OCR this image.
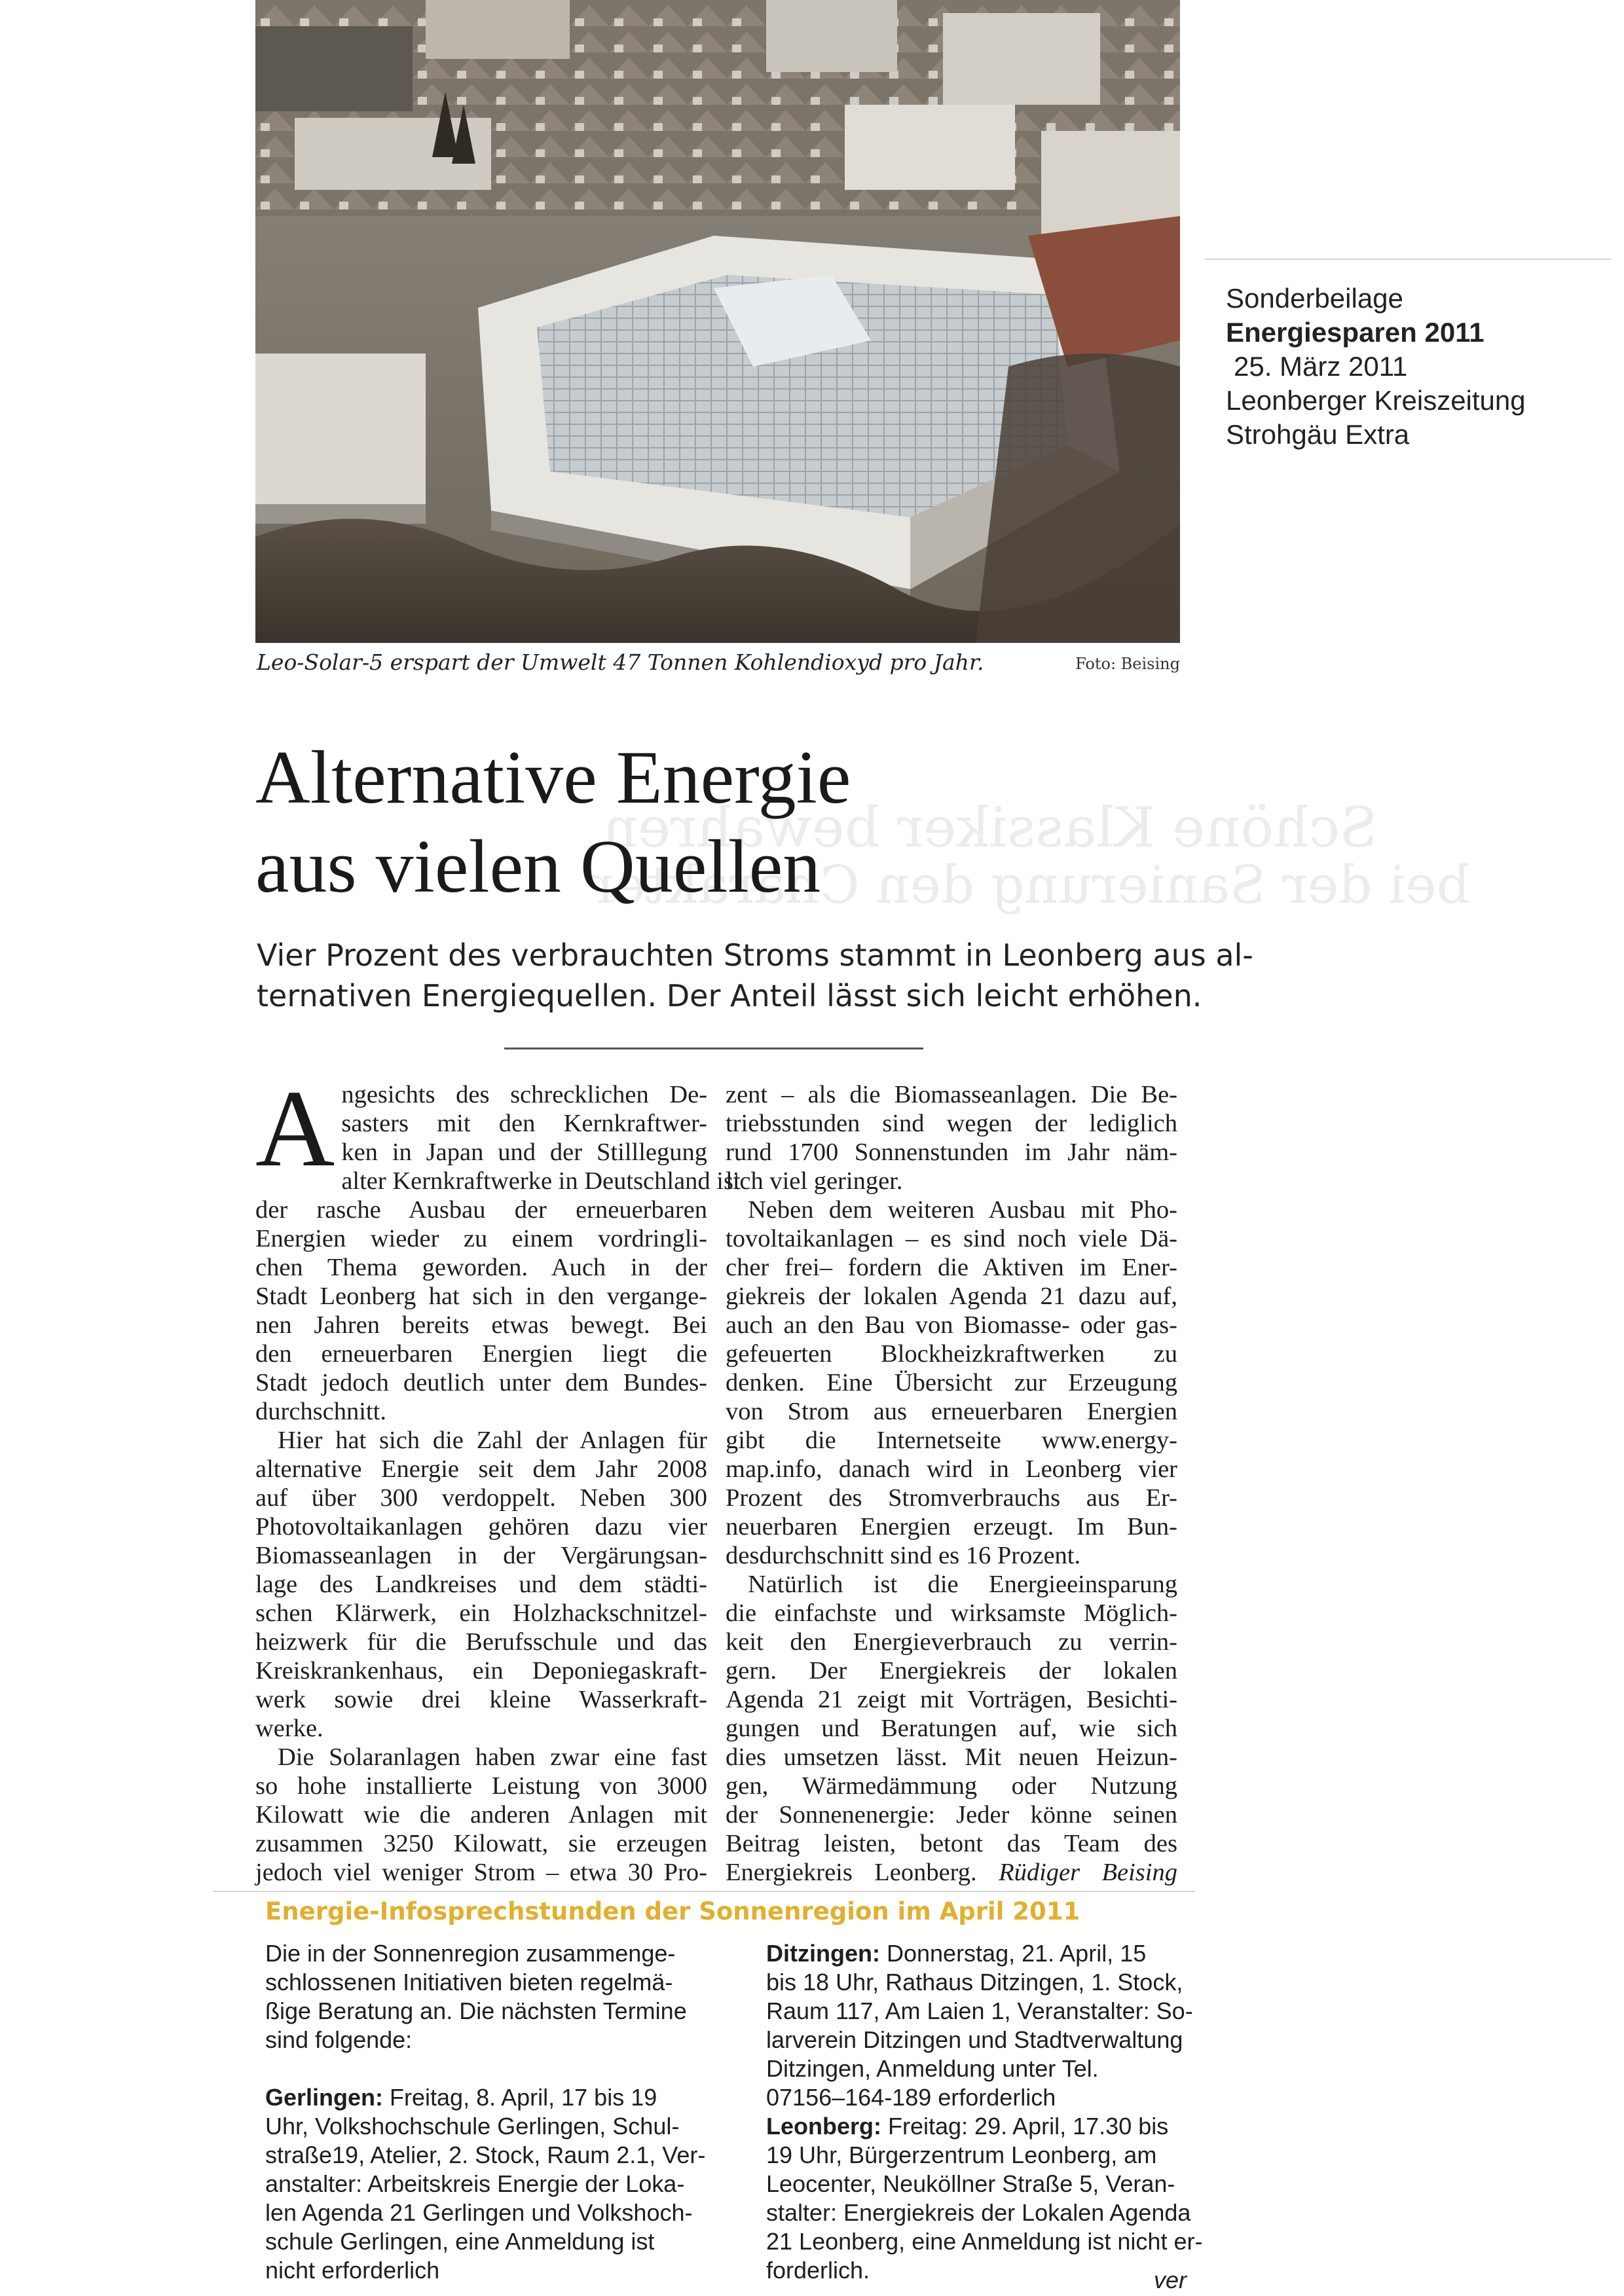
Leo-Solar-5 erspart der Umwelt 47 Tonnen Kohlendioxyd pro Jahr.	Foto: Beising
Sonderbeilage
Energiesparen 2011
25. März 2011
Leonberger Kreiszeitung
Strohgäu Extra
Schöne Klassiker bewahren
bei der Sanierung den Charakter
Alternative Energie
aus vielen Quellen
Vier Prozent des verbrauchten Stroms stammt in Leonberg aus al-
ternativen Energiequellen. Der Anteil lässt sich leicht erhöhen.
A ngesichts des schrecklichen De-
sasters mit den Kernkraftwer-
ken in Japan und der Stilllegung
alter Kernkraftwerke in Deutschland ist
der rasche Ausbau der erneuerbaren
Energien wieder zu einem vordringli-
chen Thema geworden. Auch in der
Stadt Leonberg hat sich in den vergange-
nen Jahren bereits etwas bewegt. Bei
den erneuerbaren Energien liegt die
Stadt jedoch deutlich unter dem Bundes-
durchschnitt.
Hier hat sich die Zahl der Anlagen für
alternative Energie seit dem Jahr 2008
auf über 300 verdoppelt. Neben 300
Photovoltaikanlagen gehören dazu vier
Biomasseanlagen in der Vergärungsan-
lage des Landkreises und dem städti-
schen Klärwerk, ein Holzhackschnitzel-
heizwerk für die Berufsschule und das
Kreiskrankenhaus, ein Deponiegaskraft-
werk sowie drei kleine Wasserkraft-
werke.
Die Solaranlagen haben zwar eine fast
so hohe installierte Leistung von 3000
Kilowatt wie die anderen Anlagen mit
zusammen 3250 Kilowatt, sie erzeugen
jedoch viel weniger Strom – etwa 30 Pro-
zent – als die Biomasseanlagen. Die Be-
triebsstunden sind wegen der lediglich
rund 1700 Sonnenstunden im Jahr näm-
lich viel geringer.
Neben dem weiteren Ausbau mit Pho-
tovoltaikanlagen – es sind noch viele Dä-
cher frei– fordern die Aktiven im Ener-
giekreis der lokalen Agenda 21 dazu auf,
auch an den Bau von Biomasse- oder gas-
gefeuerten Blockheizkraftwerken zu
denken. Eine Übersicht zur Erzeugung
von Strom aus erneuerbaren Energien
gibt die Internetseite www.energy-
map.info, danach wird in Leonberg vier
Prozent des Stromverbrauchs aus Er-
neuerbaren Energien erzeugt. Im Bun-
desdurchschnitt sind es 16 Prozent.
Natürlich ist die Energieeinsparung
die einfachste und wirksamste Möglich-
keit den Energieverbrauch zu verrin-
gern. Der Energiekreis der lokalen
Agenda 21 zeigt mit Vorträgen, Besichti-
gungen und Beratungen auf, wie sich
dies umsetzen lässt. Mit neuen Heizun-
gen, Wärmedämmung oder Nutzung
der Sonnenenergie: Jeder könne seinen
Beitrag leisten, betont das Team des
Energiekreis Leonberg. Rüdiger Beising
Energie-Infosprechstunden der Sonnenregion im April 2011
Die in der Sonnenregion zusammenge-
schlossenen Initiativen bieten regelmä-
ßige Beratung an. Die nächsten Termine
sind folgende:
Gerlingen: Freitag, 8. April, 17 bis 19
Uhr, Volkshochschule Gerlingen, Schul-
straße19, Atelier, 2. Stock, Raum 2.1, Ver-
anstalter: Arbeitskreis Energie der Loka-
len Agenda 21 Gerlingen und Volkshoch-
schule Gerlingen, eine Anmeldung ist
nicht erforderlich
Ditzingen: Donnerstag, 21. April, 15
bis 18 Uhr, Rathaus Ditzingen, 1. Stock,
Raum 117, Am Laien 1, Veranstalter: So-
larverein Ditzingen und Stadtverwaltung
Ditzingen, Anmeldung unter Tel.
07156–164-189 erforderlich
Leonberg: Freitag: 29. April, 17.30 bis
19 Uhr, Bürgerzentrum Leonberg, am
Leocenter, Neuköllner Straße 5, Veran-
stalter: Energiekreis der Lokalen Agenda
21 Leonberg, eine Anmeldung ist nicht er-
forderlich.	ver
